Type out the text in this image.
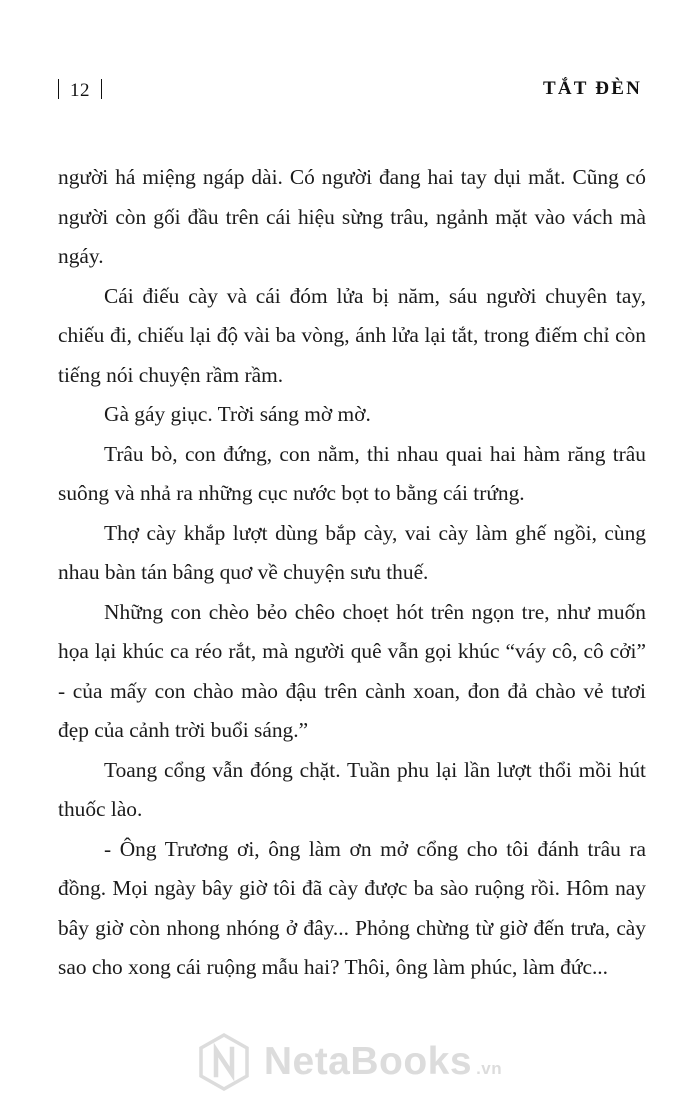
12	TẮT ĐÈN

người há miệng ngáp dài. Có người đang hai tay dụi mắt. Cũng có người còn gối đầu trên cái hiệu sừng trâu, ngảnh mặt vào vách mà ngáy.

Cái điếu cày và cái đóm lửa bị năm, sáu người chuyên tay, chiếu đi, chiếu lại độ vài ba vòng, ánh lửa lại tắt, trong điếm chỉ còn tiếng nói chuyện rầm rầm.

Gà gáy giục. Trời sáng mờ mờ.

Trâu bò, con đứng, con nằm, thi nhau quai hai hàm răng trâu suông và nhả ra những cục nước bọt to bằng cái trứng.

Thợ cày khắp lượt dùng bắp cày, vai cày làm ghế ngồi, cùng nhau bàn tán bâng quơ về chuyện sưu thuế.

Những con chèo bẻo chêo choẹt hót trên ngọn tre, như muốn họa lại khúc ca réo rắt, mà người quê vẫn gọi khúc “váy cô, cô cởi” - của mấy con chào mào đậu trên cành xoan, đon đả chào vẻ tươi đẹp của cảnh trời buổi sáng.”

Toang cổng vẫn đóng chặt. Tuần phu lại lần lượt thổi mồi hút thuốc lào.

- Ông Trương ơi, ông làm ơn mở cổng cho tôi đánh trâu ra đồng. Mọi ngày bây giờ tôi đã cày được ba sào ruộng rồi. Hôm nay bây giờ còn nhong nhóng ở đây... Phỏng chừng từ giờ đến trưa, cày sao cho xong cái ruộng mẫu hai? Thôi, ông làm phúc, làm đức...

NetaBooks .vn
